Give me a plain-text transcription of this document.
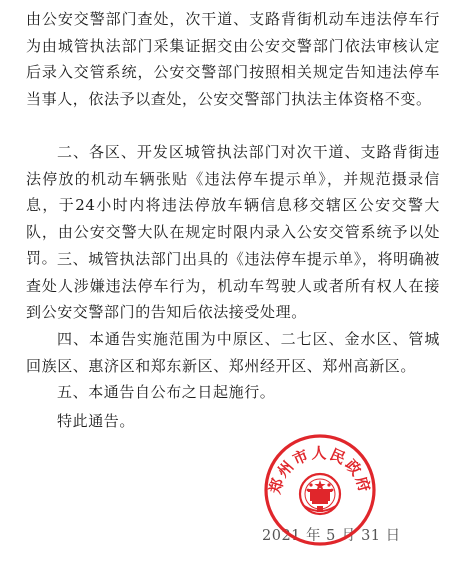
由公安交警部门查处，次干道、支路背街机动车违法停车行为由城管执法部门采集证据交由公安交警部门依法审核认定后录入交管系统，公安交警部门按照相关规定告知违法停车当事人，依法予以查处，公安交警部门执法主体资格不变。

二、各区、开发区城管执法部门对次干道、支路背街违法停放的机动车辆张贴《违法停车提示单》，并规范摄录信息，于24小时内将违法停放车辆信息移交辖区公安交警大队，由公安交警大队在规定时限内录入公安交管系统予以处罚。 三、城管执法部门出具的《违法停车提示单》，将明确被查处人涉嫌违法停车行为，机动车驾驶人或者所有权人在接到公安交警部门的告知后依法接受处理。

四、本通告实施范围为中原区、二七区、金水区、管城回族区、惠济区和郑东新区、郑州经开区、郑州高新区。

五、本通告自公布之日起施行。

特此通告。

2021 年 5 月 31 日
郑州市人民政府
